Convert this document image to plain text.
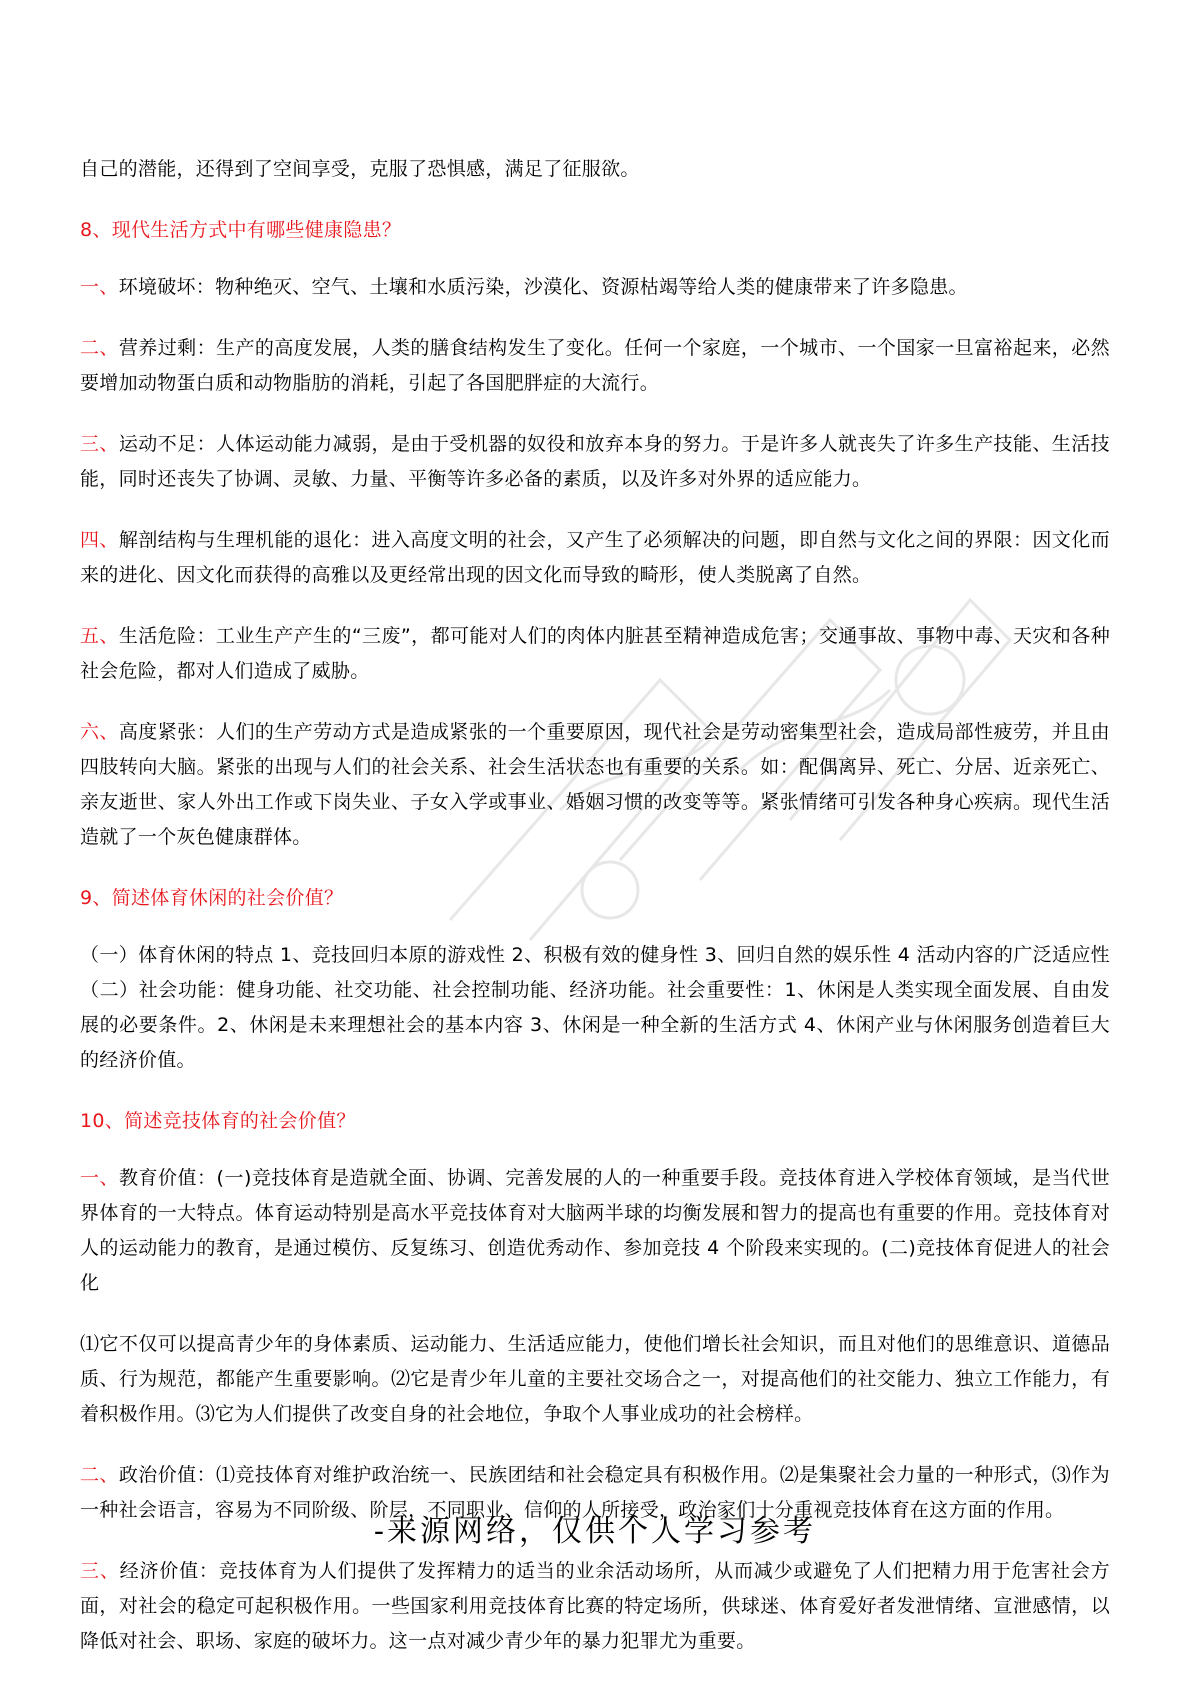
自己的潜能，还得到了空间享受，克服了恐惧感，满足了征服欲。

8、现代生活方式中有哪些健康隐患？

一、环境破坏：物种绝灭、空气、土壤和水质污染，沙漠化、资源枯竭等给人类的健康带来了许多隐患。

二、营养过剩：生产的高度发展，人类的膳食结构发生了变化。任何一个家庭，一个城市、一个国家一旦富裕起来，必然要增加动物蛋白质和动物脂肪的消耗，引起了各国肥胖症的大流行。

三、运动不足：人体运动能力减弱，是由于受机器的奴役和放弃本身的努力。于是许多人就丧失了许多生产技能、生活技能，同时还丧失了协调、灵敏、力量、平衡等许多必备的素质，以及许多对外界的适应能力。

四、解剖结构与生理机能的退化：进入高度文明的社会，又产生了必须解决的问题，即自然与文化之间的界限：因文化而来的进化、因文化而获得的高雅以及更经常出现的因文化而导致的畸形，使人类脱离了自然。

五、生活危险：工业生产产生的“三废”，都可能对人们的肉体内脏甚至精神造成危害；交通事故、事物中毒、天灾和各种社会危险，都对人们造成了威胁。

六、高度紧张：人们的生产劳动方式是造成紧张的一个重要原因，现代社会是劳动密集型社会，造成局部性疲劳，并且由四肢转向大脑。紧张的出现与人们的社会关系、社会生活状态也有重要的关系。如：配偶离异、死亡、分居、近亲死亡、亲友逝世、家人外出工作或下岗失业、子女入学或事业、婚姻习惯的改变等等。紧张情绪可引发各种身心疾病。现代生活造就了一个灰色健康群体。

9、简述体育休闲的社会价值？

（一）体育休闲的特点 1、竞技回归本原的游戏性 2、积极有效的健身性 3、回归自然的娱乐性 4 活动内容的广泛适应性（二）社会功能：健身功能、社交功能、社会控制功能、经济功能。社会重要性：1、休闲是人类实现全面发展、自由发展的必要条件。2、休闲是未来理想社会的基本内容 3、休闲是一种全新的生活方式 4、休闲产业与休闲服务创造着巨大的经济价值。

10、简述竞技体育的社会价值？

一、教育价值：(一)竞技体育是造就全面、协调、完善发展的人的一种重要手段。竞技体育进入学校体育领域，是当代世界体育的一大特点。体育运动特别是高水平竞技体育对大脑两半球的均衡发展和智力的提高也有重要的作用。竞技体育对人的运动能力的教育，是通过模仿、反复练习、创造优秀动作、参加竞技 4 个阶段来实现的。(二)竞技体育促进人的社会化

⑴它不仅可以提高青少年的身体素质、运动能力、生活适应能力，使他们增长社会知识，而且对他们的思维意识、道德品质、行为规范，都能产生重要影响。⑵它是青少年儿童的主要社交场合之一，对提高他们的社交能力、独立工作能力，有着积极作用。⑶它为人们提供了改变自身的社会地位，争取个人事业成功的社会榜样。

二、政治价值：⑴竞技体育对维护政治统一、民族团结和社会稳定具有积极作用。⑵是集聚社会力量的一种形式，⑶作为一种社会语言，容易为不同阶级、阶层，不同职业、信仰的人所接受，政治家们十分重视竞技体育在这方面的作用。

三、经济价值：竞技体育为人们提供了发挥精力的适当的业余活动场所，从而减少或避免了人们把精力用于危害社会方面，对社会的稳定可起积极作用。一些国家利用竞技体育比赛的特定场所，供球迷、体育爱好者发泄情绪、宣泄感情，以降低对社会、职场、家庭的破坏力。这一点对减少青少年的暴力犯罪尤为重要。

-来源网络，仅供个人学习参考
